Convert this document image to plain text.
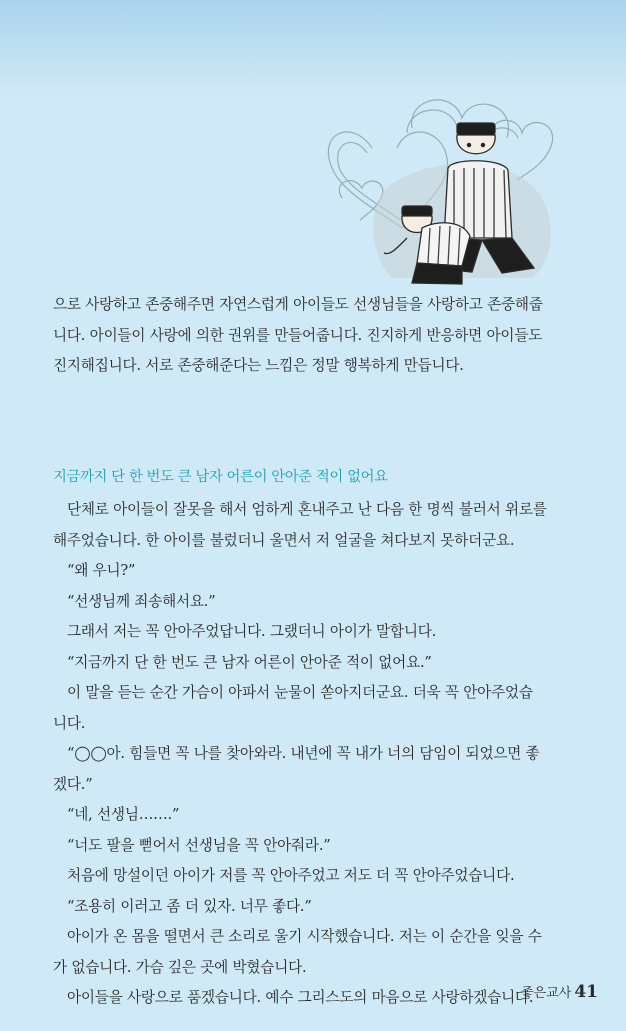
으로 사랑하고 존중해주면 자연스럽게 아이들도 선생님들을 사랑하고 존중해줍

니다. 아이들이 사랑에 의한 권위를 만들어줍니다. 진지하게 반응하면 아이들도

진지해집니다. 서로 존중해준다는 느낌은 정말 행복하게 만듭니다.

지금까지 단 한 번도 큰 남자 어른이 안아준 적이 없어요

단체로 아이들이 잘못을 해서 엄하게 혼내주고 난 다음 한 명씩 불러서 위로를

해주었습니다. 한 아이를 불렀더니 울면서 저 얼굴을 쳐다보지 못하더군요.

“왜 우니?”

“선생님께 죄송해서요.”

그래서 저는 꼭 안아주었답니다. 그랬더니 아이가 말합니다.

“지금까지 단 한 번도 큰 남자 어른이 안아준 적이 없어요.”

이 말을 듣는 순간 가슴이 아파서 눈물이 쏟아지더군요. 더욱 꼭 안아주었습

니다.

“◯◯아. 힘들면 꼭 나를 찾아와라. 내년에 꼭 내가 너의 담임이 되었으면 좋

겠다.”

“네, 선생님…….”

“너도 팔을 뻗어서 선생님을 꼭 안아줘라.”

처음에 망설이던 아이가 저를 꼭 안아주었고 저도 더 꼭 안아주었습니다.

“조용히 이러고 좀 더 있자. 너무 좋다.”

아이가 온 몸을 떨면서 큰 소리로 울기 시작했습니다. 저는 이 순간을 잊을 수

가 없습니다. 가슴 깊은 곳에 박혔습니다.

아이들을 사랑으로 품겠습니다. 예수 그리스도의 마음으로 사랑하겠습니다.

좋은교사 41
